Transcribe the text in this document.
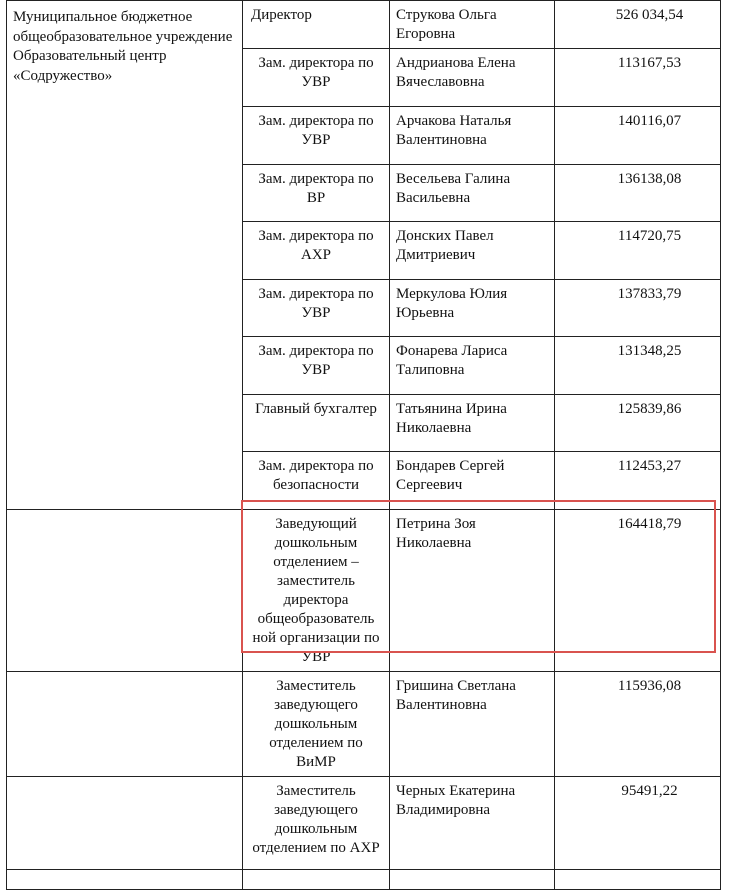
Муниципальное бюджетное общеобразовательное учреждение Образовательный центр «Содружество»	Директор	Струкова Ольга Егоровна	526 034,54
	Зам. директора по УВР	Андрианова Елена Вячеславовна	113167,53
	Зам. директора по УВР	Арчакова Наталья Валентиновна	140116,07
	Зам. директора по ВР	Весельева Галина Васильевна	136138,08
	Зам. директора по АХР	Донских Павел Дмитриевич	114720,75
	Зам. директора по УВР	Меркулова Юлия Юрьевна	137833,79
	Зам. директора по УВР	Фонарева Лариса Талиповна	131348,25
	Главный бухгалтер	Татьянина Ирина Николаевна	125839,86
	Зам. директора по безопасности	Бондарев Сергей Сергеевич	112453,27
	Заведующий дошкольным отделением – заместитель директора общеобразователь ной организации по УВР	Петрина Зоя Николаевна	164418,79
	Заместитель заведующего дошкольным отделением по ВиМР	Гришина Светлана Валентиновна	115936,08
	Заместитель заведующего дошкольным отделением по АХР	Черных Екатерина Владимировна	95491,22
